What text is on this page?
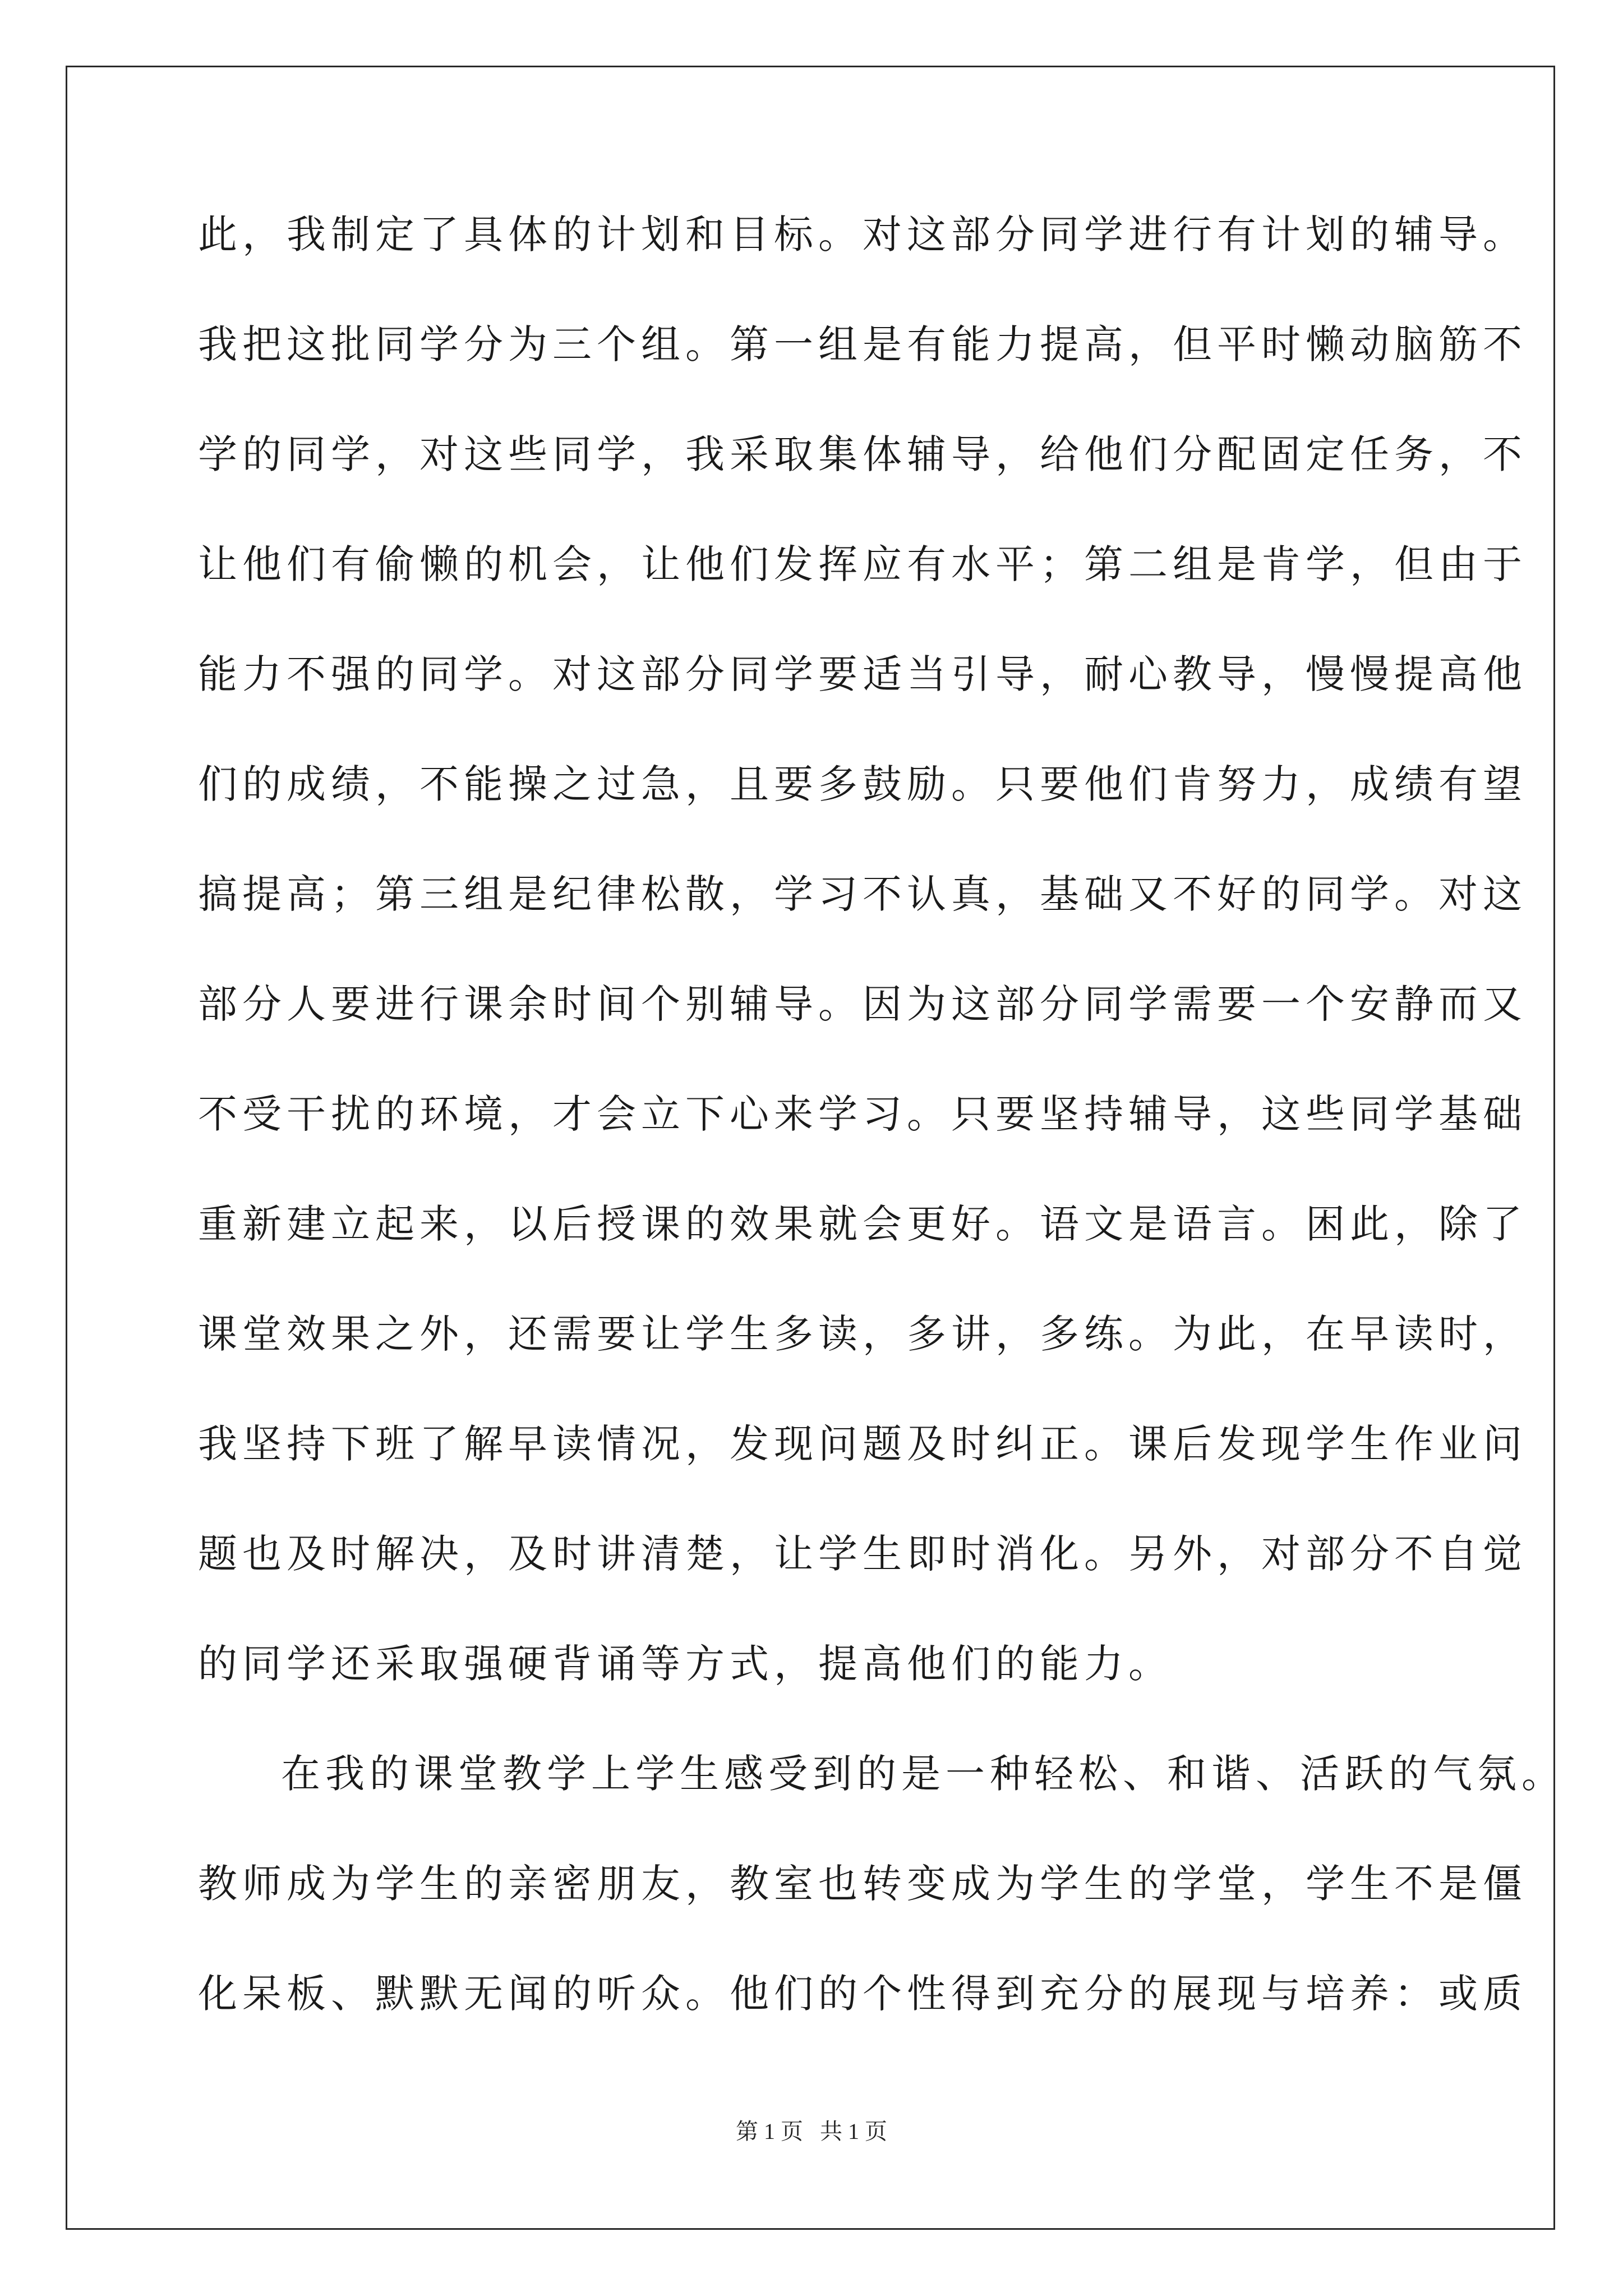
此，我制定了具体的计划和目标。对这部分同学进行有计划的辅导。
我把这批同学分为三个组。第一组是有能力提高，但平时懒动脑筋不
学的同学，对这些同学，我采取集体辅导，给他们分配固定任务，不
让他们有偷懒的机会，让他们发挥应有水平；第二组是肯学，但由于
能力不强的同学。对这部分同学要适当引导，耐心教导，慢慢提高他
们的成绩，不能操之过急，且要多鼓励。只要他们肯努力，成绩有望
搞提高；第三组是纪律松散，学习不认真，基础又不好的同学。对这
部分人要进行课余时间个别辅导。因为这部分同学需要一个安静而又
不受干扰的环境，才会立下心来学习。只要坚持辅导，这些同学基础
重新建立起来，以后授课的效果就会更好。语文是语言。困此，除了
课堂效果之外，还需要让学生多读，多讲，多练。为此，在早读时，
我坚持下班了解早读情况，发现问题及时纠正。课后发现学生作业问
题也及时解决，及时讲清楚，让学生即时消化。另外，对部分不自觉
的同学还采取强硬背诵等方式，提高他们的能力。
在我的课堂教学上学生感受到的是一种轻松、和谐、活跃的气氛。
教师成为学生的亲密朋友，教室也转变成为学生的学堂，学生不是僵
化呆板、默默无闻的听众。他们的个性得到充分的展现与培养：或质
第 1 页   共 1 页
